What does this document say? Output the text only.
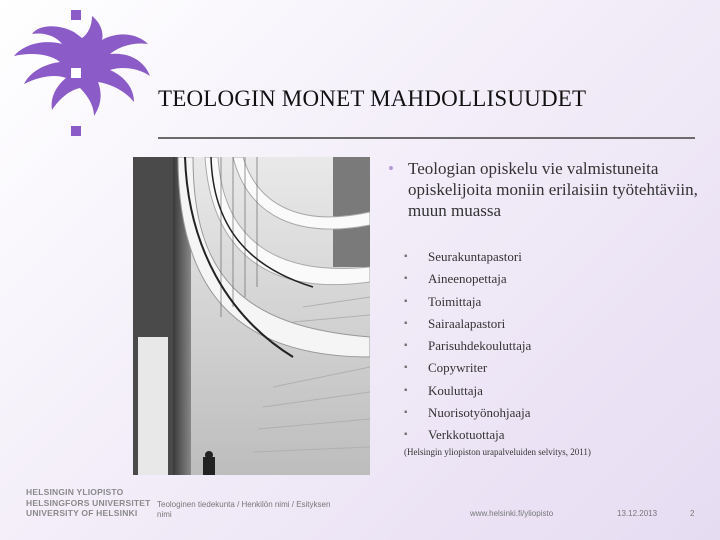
TEOLOGIN MONET MAHDOLLISUUDET
• Teologian opiskelu vie valmistuneita opiskelijoita moniin erilaisiin työtehtäviin, muun muassa
▪ Seurakuntapastori
▪ Aineenopettaja
▪ Toimittaja
▪ Sairaalapastori
▪ Parisuhdekouluttaja
▪ Copywriter
▪ Kouluttaja
▪ Nuorisotyönohjaaja
▪ Verkkotuottaja
(Helsingin yliopiston urapalveluiden selvitys, 2011)
HELSINGIN YLIOPISTO
HELSINGFORS UNIVERSITET
UNIVERSITY OF HELSINKI
Teologinen tiedekunta / Henkilön nimi / Esityksen
nimi	www.helsinki.fi/yliopisto	13.12.2013	2
